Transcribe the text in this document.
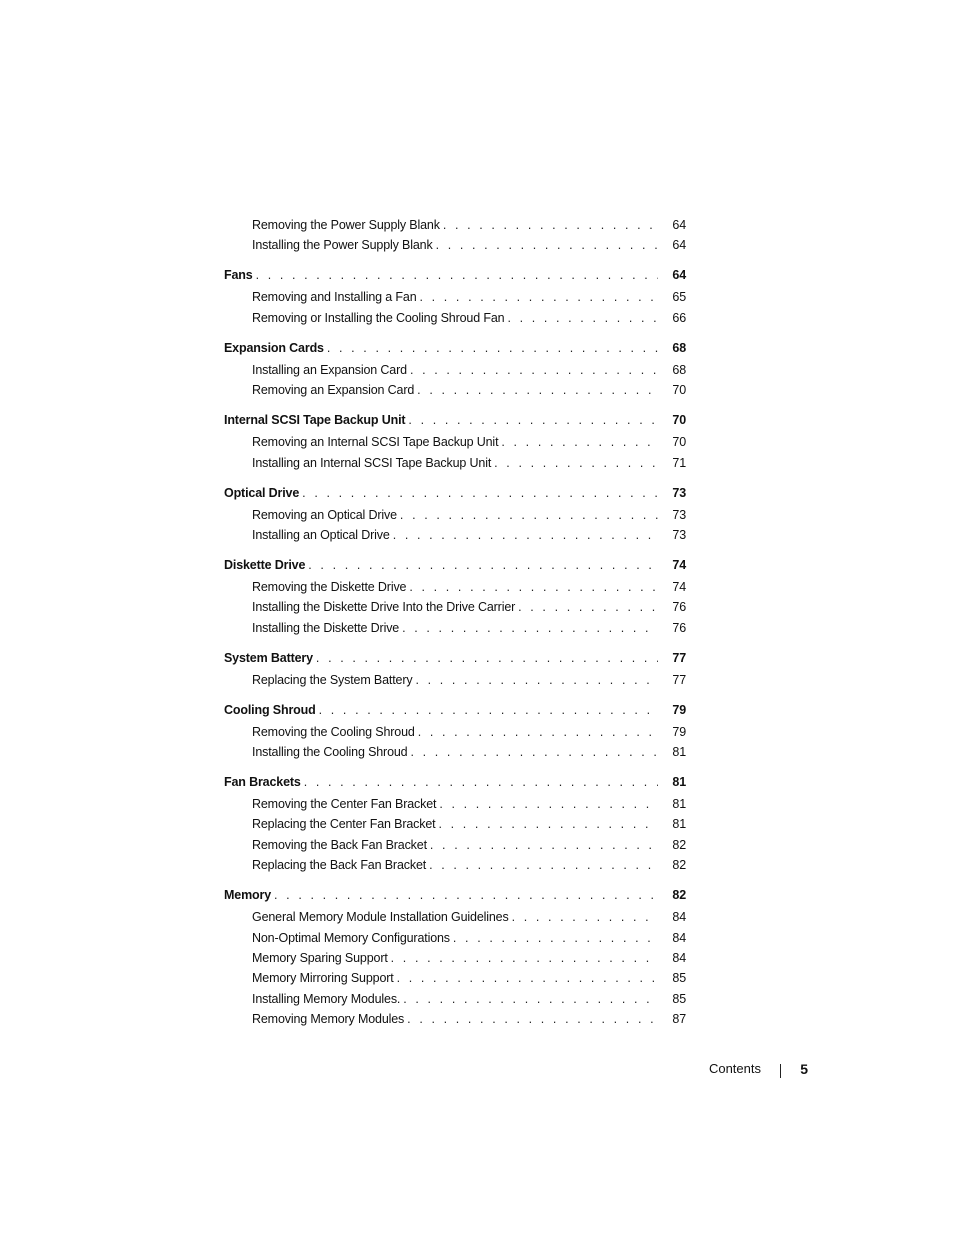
Removing the Power Supply Blank . . .	64
Installing the Power Supply Blank . . .	64
Fans . . .	64
Removing and Installing a Fan . . .	65
Removing or Installing the Cooling Shroud Fan . . .	66
Expansion Cards . . .	68
Installing an Expansion Card . . .	68
Removing an Expansion Card . . .	70
Internal SCSI Tape Backup Unit . . .	70
Removing an Internal SCSI Tape Backup Unit . . .	70
Installing an Internal SCSI Tape Backup Unit . . .	71
Optical Drive . . .	73
Removing an Optical Drive . . .	73
Installing an Optical Drive . . .	73
Diskette Drive . . .	74
Removing the Diskette Drive . . .	74
Installing the Diskette Drive Into the Drive Carrier . . .	76
Installing the Diskette Drive . . .	76
System Battery . . .	77
Replacing the System Battery . . .	77
Cooling Shroud . . .	79
Removing the Cooling Shroud . . .	79
Installing the Cooling Shroud . . .	81
Fan Brackets . . .	81
Removing the Center Fan Bracket . . .	81
Replacing the Center Fan Bracket . . .	81
Removing the Back Fan Bracket . . .	82
Replacing the Back Fan Bracket . . .	82
Memory . . .	82
General Memory Module Installation Guidelines . . .	84
Non-Optimal Memory Configurations . . .	84
Memory Sparing Support . . .	84
Memory Mirroring Support . . .	85
Installing Memory Modules. . . .	85
Removing Memory Modules . . .	87
Contents	5
